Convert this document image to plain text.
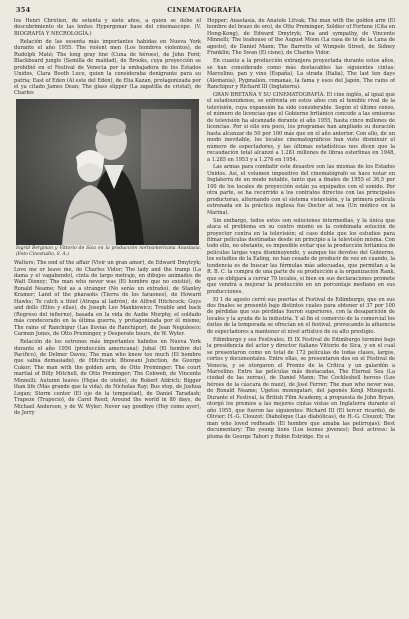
354	CINEMATOGRAFÍA

los Henri Chrétien, de setenta y siete años, a quien se debe el descubrimiento de las lentes Hypergonar base del cinemascope. (V. BIOGRAFÍA Y NECROLOGÍA.)

Relación de las sesenta más importantes habidas en Nueva York durante el año 1955. The violent men (Los hombres violentos), de Rudolph Maté; The long gray line (Cuna de héroes), de John Ford; Blackboard jungle (Semilla de maldad), de Brooks, cuya proyección se prohibió en el Festival de Venecia por la embajadora de los Estados Unidos, Clara Booth Luce, quien la consideraba denigrante para su patria; East of Eden (Al este del Edén), de Elia Kazan, protagonizada por el ya citado James Dean; The glass slipper (La zapatilla de cristal), de Charles

Ingrid Bergman y Vittorio de Sica en la producción norteamericana Anastasia. (Foto Cinestudio, S. A.)

Walters; The end of the affair (Vivir un gran amor), de Edward Dmytryk; Love me or leave me, de Charles Vidor; The lady and the tramp (La dama y el vagabundo), cinta de largo metraje, en dibujos animados de Walt Disney; The man who never was (El hombre que no existió), de Ronald Neame; Not as a stranger (No serás un extraño), de Stanley Kramer; Land of the pharaohs (Tierra de los faraones), de Howard Hawks; To catch a thief (Atrapa al ladrón), de Alfred Hitchcock; Guys and dolls (Ellos y ellas), de Joseph Leo Mankiewicz; Trouble and back (Regreso del infierno), basada en la vida de Audie Murphy, el soldado más condecorado en la última guerra, y protagonizada por él mismo; The rains of Ranchipur (Las lluvias de Ranchipur), de Jean Negulesco; Carmen Jones, de Otto Preminger, y Desperate hours, de W. Wyler.

Relación de los estrenos más importantes habidos en Nueva York durante el año 1956 (producción americana): Jubal (El hombre del Pacífico), de Delmer Daves; The man who knew too much (El hombre que sabía demasiado), de Hitchcock; Bhowani Junction, de George Cukor; The man with the golden arm, de Otto Preminger; The court martial of Billy Mitchell, de Otto Preminger; The Cobweb, de Vincente Minnelli; Autumn leaves (Hojas de otoño), de Robert Aldrich; Bigger than life (Más grande que la vida), de Nicholas Ray; Bus stop, de Joshua Logan; Storm center (El ojo de la tempestad), de Daniel Taradash; Trapeze (Trapecio), de Carol Reed; Around the world in 80 days, de Michael Anderson, y de W. Wyler; Never say goodbye (Hoy como ayer), de Jerry

Hopper; Anastasia, de Anatole Litvak; The man with the golden arm (El hombre del brazo de oro), de Otto Preminger; Soldier of Fortune (Cita en Hong-Kong), de Edward Dmytryk; Tea and sympathy, de Vincente Minnelli; The teahouse of the August Moon (La casa de té de la Luna de agosto), de Daniel Mann; The Barretts of Wimpole Street, de Sidney Franklin; The Swan (El cisne), de Charles Vidor.

En cuanto a la producción extranjera proyectada durante estos años, se han considerado como más destacables las siguientes cintas: Marcelino, pan y vino (España), La strada (Italia), The last ten days (Alemania), Pygmalion, romanas, la fama y esos del Japón, The rains of Ranchipur y Richard III (Inglaterra).

GRAN BRETAÑA Y SU CINEMATOGRAFÍA. El cine inglés, al igual que el estadounidense, se enfrenta en estos años con el temible rival de la televisión, cuya expansión ha sido considerable. Según el último censo, el número de licencias que el Gobierno británico concede a las emisoras de televisión ha alcanzado durante el año 1955, hasta cinco millones de licencias. Por si ello era poco, los programas han ampliado su duración hasta alcanzar de 50 por 100 más que en el año anterior. Con ello, de un modo inevitable, los locales cinematográficos han visto disminuir el número de espectadores, y las últimas estadísticas nos dicen que la recaudación total alcanzó a 1.281 millones de libras esterlinas en 1948, a 1.285 en 1953 y a 1.276 en 1954.

Las armas para combatir este desastre son las mismas de los Estados Unidos. Así, el volumen impositivo del cinematógrafo se hace notar en Inglaterra de un modo notable, tanto que a finales de 1955 el 36,5 por 100 de los locales de proyección están ya equipados con el sonido. Por otra parte, se ha recurrido a los contratos directos con las principales productoras, alternando con el sistema vistavisión, y la primera película estrenada en la práctica inglesa fue Doctor at sea (Un médico en la Marina).

Sin embargo, todos estos son soluciones intermedias, y la única que ataca el problema en su centro mismo es la combinada solución de proyector contra en la televisión; el caso doble que los estudios para filmar películas destinadas desde un principio a la televisión misma. Con todo ello, no obstante, es imposible evitar que la producción británica de películas largas vaya disminuyendo, y aunque los devotos del Gobierno, los estudios de la Ealing, no han cesado de producir de vez en cuando, la tendencia es de buscar las fórmulas más adecuadas, que permitan a la R. B. C. la compra de una parte de su producción a la organización Rank, que se obligará a cerrar 79 locales, si bien en sus declaraciones promete que vendrá a mejorar la producción en un porcentaje mediano en sus producciones.

El 1 de agosto cerró sus puertas el Festival de Edimburgo, que en sus dos finales se presentó bajo distintos cuales para obtener el 37 por 100 de pérdidas que sus pérdidas fueron superiores, con la desaparición de locales y la ayuda de la industria. Y al fin el comercio de la comercial los éxitos de la temporada se ofrecían en el festival, provocando la afluencia de espectadores a mantener el nivel artístico de su alto prestigio.

Edimburgo y sus Festivales. El IX Festival de Edimburgo terminó bajo la presidencia del actor y director italiano Vittorio de Sica, y en el cual se presentaron como un total de 172 películas de todas clases, largos, cortos y documentales. Entre ellas, se presentaron dos en el Festival de Venecia, y se otorgaron el Premio de la Crítica y un galardón a Marcelino. Entre las películas más destacadas, The Eternal Sea (La ciudad de las zorras), de Daniel Mann; The Cockleshell heroes (Los héroes de la cáscara de nuez), de José Ferrer; The man who never was, de Ronald Neame; Ugetsu monogatari, del japonés Kenji Mizoguchi. Durante el Festival, la British Film Academy, a propuesta de John Bryan, otorgó los premios a las mejores cintas vistas en Inglaterra durante el año 1955, que fueron las siguientes: Richard III (El tercer ricardo), de Olivier; H.-G. Clouzot: Diabolique (Las diabólicas), de H.-G. Clouzot; The man who loved redheads (El hombre que amaba las pelirrojas); Best documentary: The young lions (Los leones jóvenes); Best actress: la pluma de George Tabori y Robin Estridge. En si
